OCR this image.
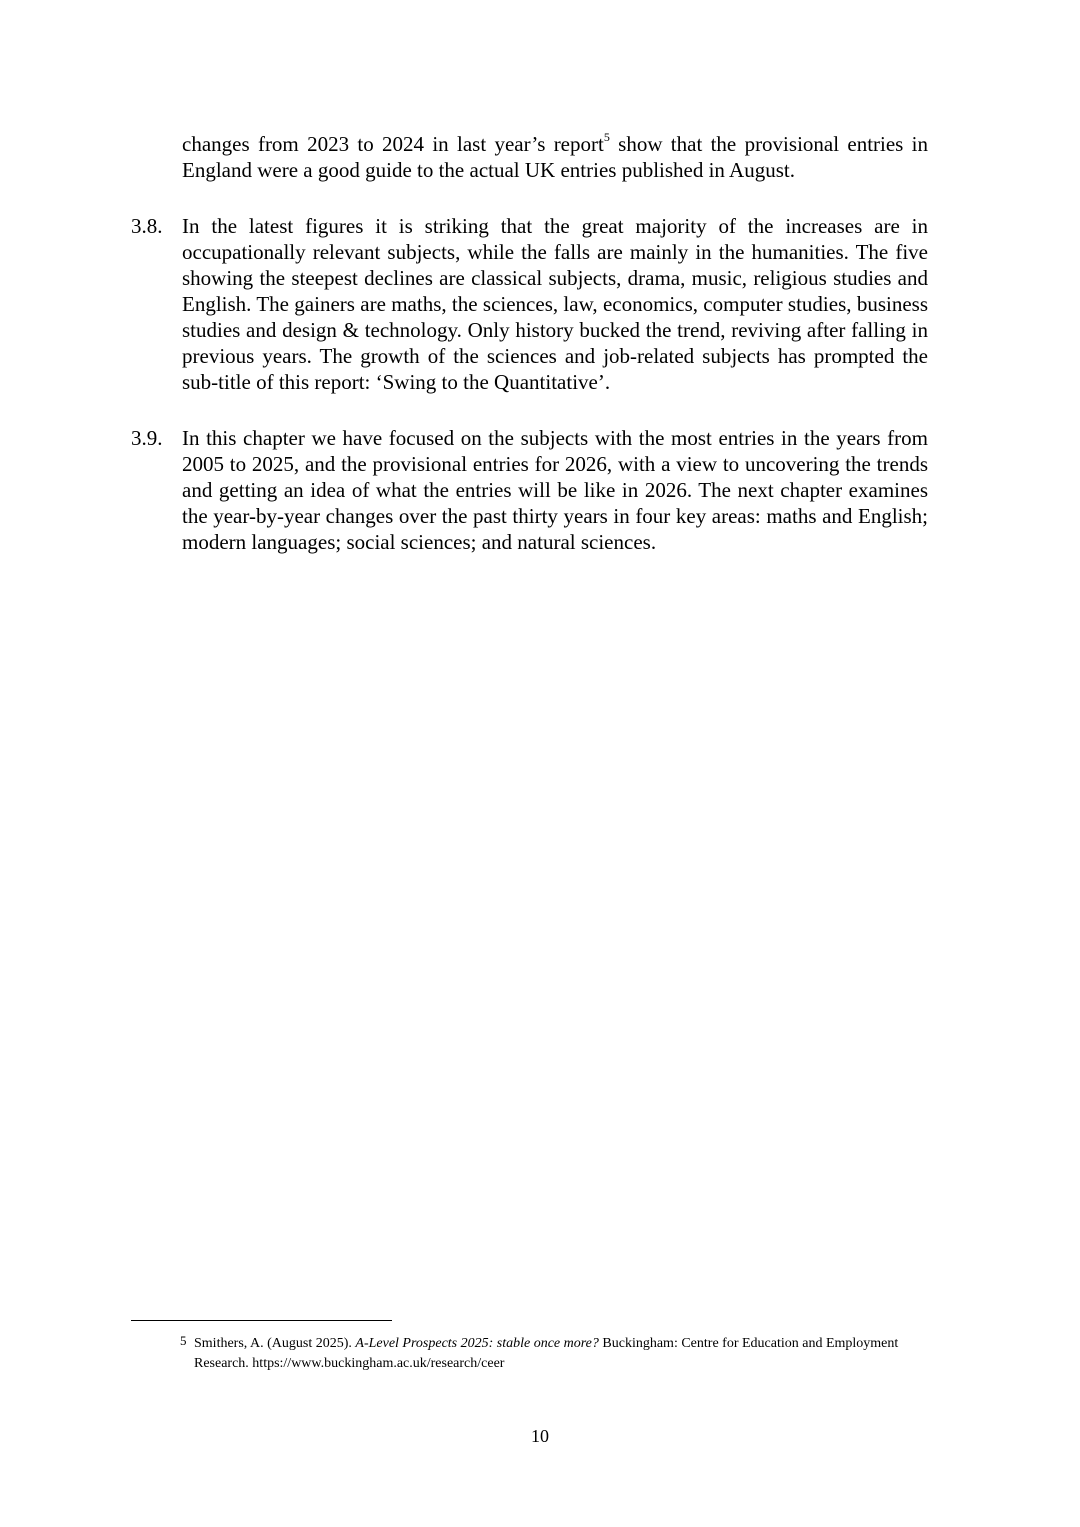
changes from 2023 to 2024 in last year’s report$^5$ show that the provisional entries in England were a good guide to the actual UK entries published in August.

3.8. In the latest figures it is striking that the great majority of the increases are in occupationally relevant subjects, while the falls are mainly in the humanities. The five showing the steepest declines are classical subjects, drama, music, religious studies and English. The gainers are maths, the sciences, law, economics, computer studies, business studies and design & technology. Only history bucked the trend, reviving after falling in previous years. The growth of the sciences and job-related subjects has prompted the sub-title of this report: ‘Swing to the Quantitative’.
3.9. In this chapter we have focused on the subjects with the most entries in the years from 2005 to 2025, and the provisional entries for 2026, with a view to uncovering the trends and getting an idea of what the entries will be like in 2026. The next chapter examines the year-by-year changes over the past thirty years in four key areas: maths and English; modern languages; social sciences; and natural sciences.
5 Smithers, A. (August 2025). A-Level Prospects 2025: stable once more? Buckingham: Centre for Education and Employment Research. https://www.buckingham.ac.uk/research/ceer
10
